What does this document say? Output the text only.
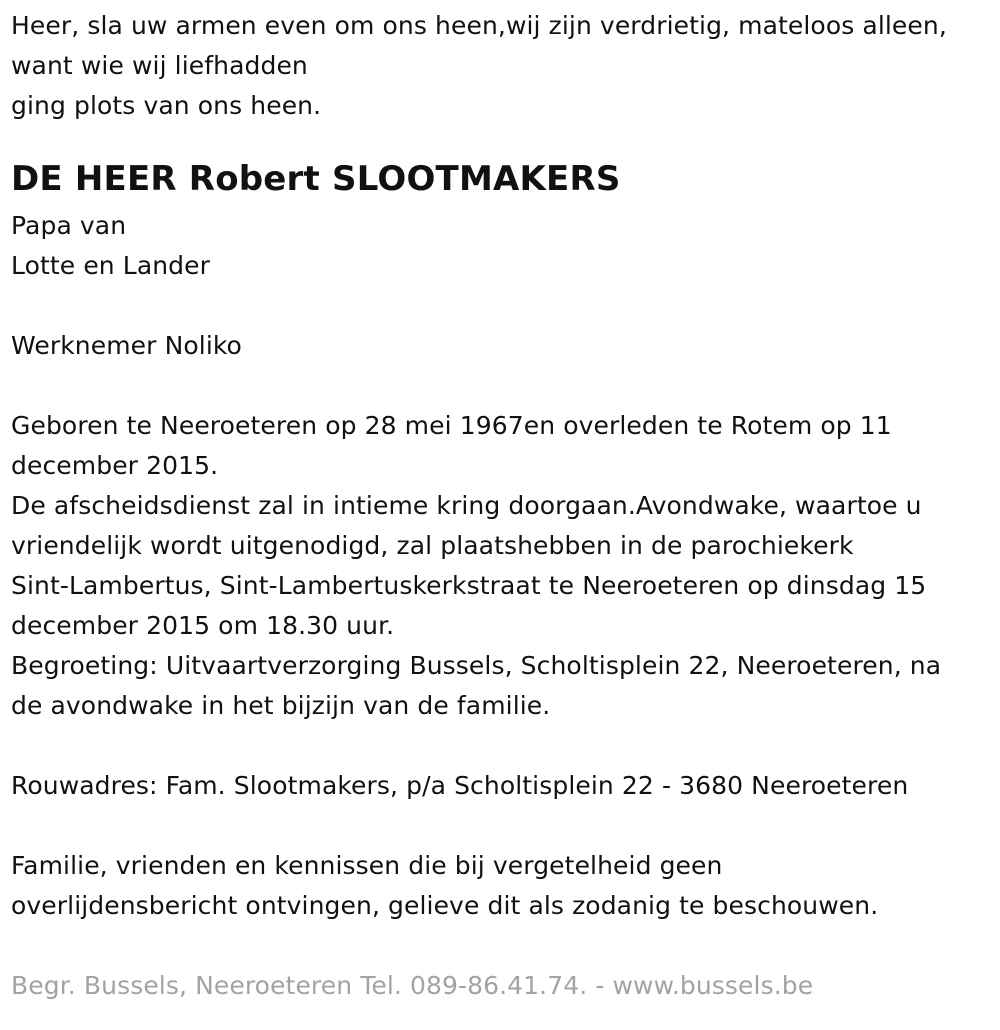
Heer, sla uw armen even om ons heen,wij zijn verdrietig, mateloos alleen,
want wie wij liefhadden
ging plots van ons heen.
DE HEER Robert SLOOTMAKERS
Papa van
Lotte en Lander
Werknemer Noliko
Geboren te Neeroeteren op 28 mei 1967en overleden te Rotem op 11
december 2015.
De afscheidsdienst zal in intieme kring doorgaan.Avondwake, waartoe u
vriendelijk wordt uitgenodigd, zal plaatshebben in de parochiekerk
Sint-Lambertus, Sint-Lambertuskerkstraat te Neeroeteren op dinsdag 15
december 2015 om 18.30 uur.
Begroeting: Uitvaartverzorging Bussels, Scholtisplein 22, Neeroeteren, na
de avondwake in het bijzijn van de familie.
Rouwadres: Fam. Slootmakers, p/a Scholtisplein 22 - 3680 Neeroeteren
Familie, vrienden en kennissen die bij vergetelheid geen
overlijdensbericht ontvingen, gelieve dit als zodanig te beschouwen.
Begr. Bussels, Neeroeteren Tel. 089-86.41.74. - www.bussels.be
